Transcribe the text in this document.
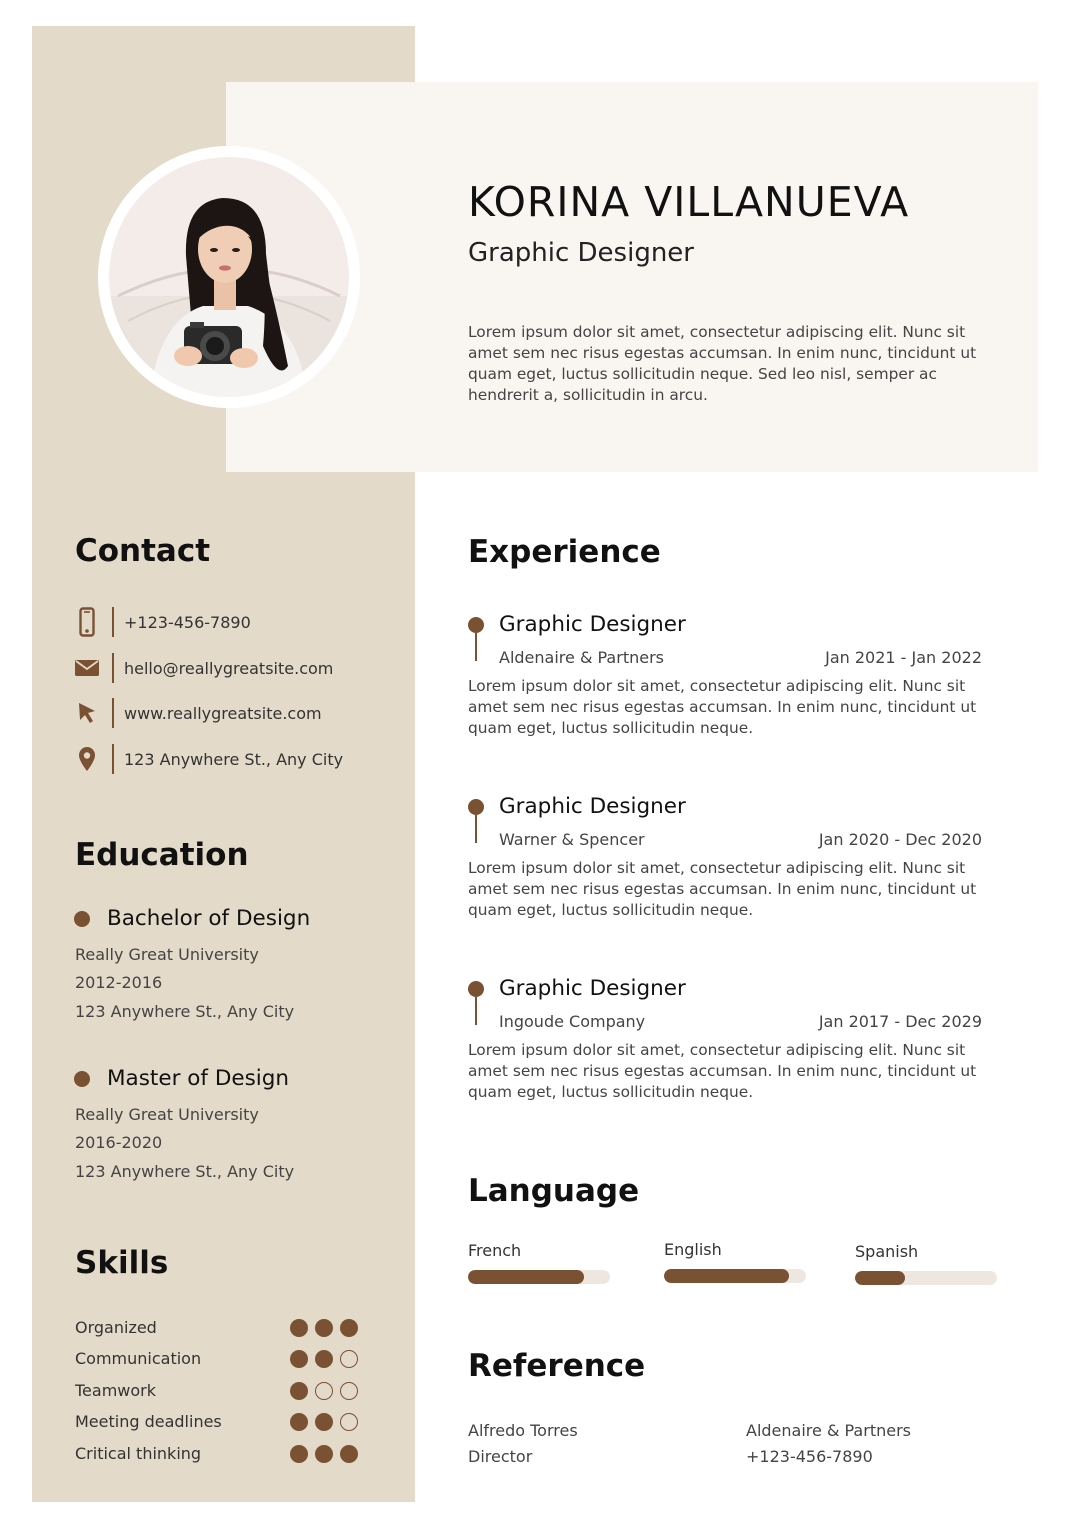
KORINA VILLANUEVA
Graphic Designer

Lorem ipsum dolor sit amet, consectetur adipiscing elit. Nunc sit amet sem nec risus egestas accumsan. In enim nunc, tincidunt ut quam eget, luctus sollicitudin neque. Sed leo nisl, semper ac hendrerit a, sollicitudin in arcu.

Contact
+123-456-7890
hello@reallygreatsite.com
www.reallygreatsite.com
123 Anywhere St., Any City
Education
Bachelor of Design
Really Great University
2012-2016
123 Anywhere St., Any City
Master of Design
Really Great University
2016-2020
123 Anywhere St., Any City
Skills
Organized
Communication
Teamwork
Meeting deadlines
Critical thinking
Experience
Graphic Designer
Aldenaire & Partners	Jan 2021 - Jan 2022
Lorem ipsum dolor sit amet, consectetur adipiscing elit. Nunc sit amet sem nec risus egestas accumsan. In enim nunc, tincidunt ut quam eget, luctus sollicitudin neque.
Graphic Designer
Warner & Spencer	Jan 2020 - Dec 2020
Lorem ipsum dolor sit amet, consectetur adipiscing elit. Nunc sit amet sem nec risus egestas accumsan. In enim nunc, tincidunt ut quam eget, luctus sollicitudin neque.
Graphic Designer
Ingoude Company	Jan 2017 - Dec 2029
Lorem ipsum dolor sit amet, consectetur adipiscing elit. Nunc sit amet sem nec risus egestas accumsan. In enim nunc, tincidunt ut quam eget, luctus sollicitudin neque.
Language
French	English	Spanish
Reference
Alfredo Torres
Director
Aldenaire & Partners
+123-456-7890
